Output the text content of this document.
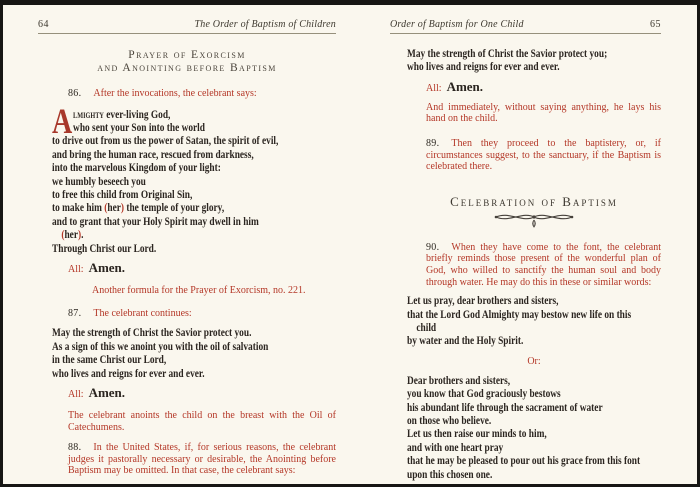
64	The Order of Baptism of Children
Prayer of Exorcism
and Anointing before Baptism
86. After the invocations, the celebrant says:
A lmighty ever-living God,
who sent your Son into the world
to drive out from us the power of Satan, the spirit of evil,
and bring the human race, rescued from darkness,
into the marvelous Kingdom of your light:
we humbly beseech you
to free this child from Original Sin,
to make him (her) the temple of your glory,
and to grant that your Holy Spirit may dwell in him
(her).
Through Christ our Lord.
All: Amen.
Another formula for the Prayer of Exorcism, no. 221.
87. The celebrant continues:
May the strength of Christ the Savior protect you.
As a sign of this we anoint you with the oil of salvation
in the same Christ our Lord,
who lives and reigns for ever and ever.
All: Amen.
The celebrant anoints the child on the breast with the Oil of Catechumens.
88. In the United States, if, for serious reasons, the celebrant judges it pastorally necessary or desirable, the Anointing before Baptism may be omitted. In that case, the celebrant says:
Order of Baptism for One Child	65
May the strength of Christ the Savior protect you;
who lives and reigns for ever and ever.
All: Amen.
And immediately, without saying anything, he lays his hand on the child.
89. Then they proceed to the baptistery, or, if circumstances suggest, to the sanctuary, if the Baptism is celebrated there.
Celebration of Baptism
90. When they have come to the font, the celebrant briefly reminds those present of the wonderful plan of God, who willed to sanctify the human soul and body through water. He may do this in these or similar words:
Let us pray, dear brothers and sisters,
that the Lord God Almighty may bestow new life on this
child
by water and the Holy Spirit.
Or:
Dear brothers and sisters,
you know that God graciously bestows
his abundant life through the sacrament of water
on those who believe.
Let us then raise our minds to him,
and with one heart pray
that he may be pleased to pour out his grace from this font
upon this chosen one.
